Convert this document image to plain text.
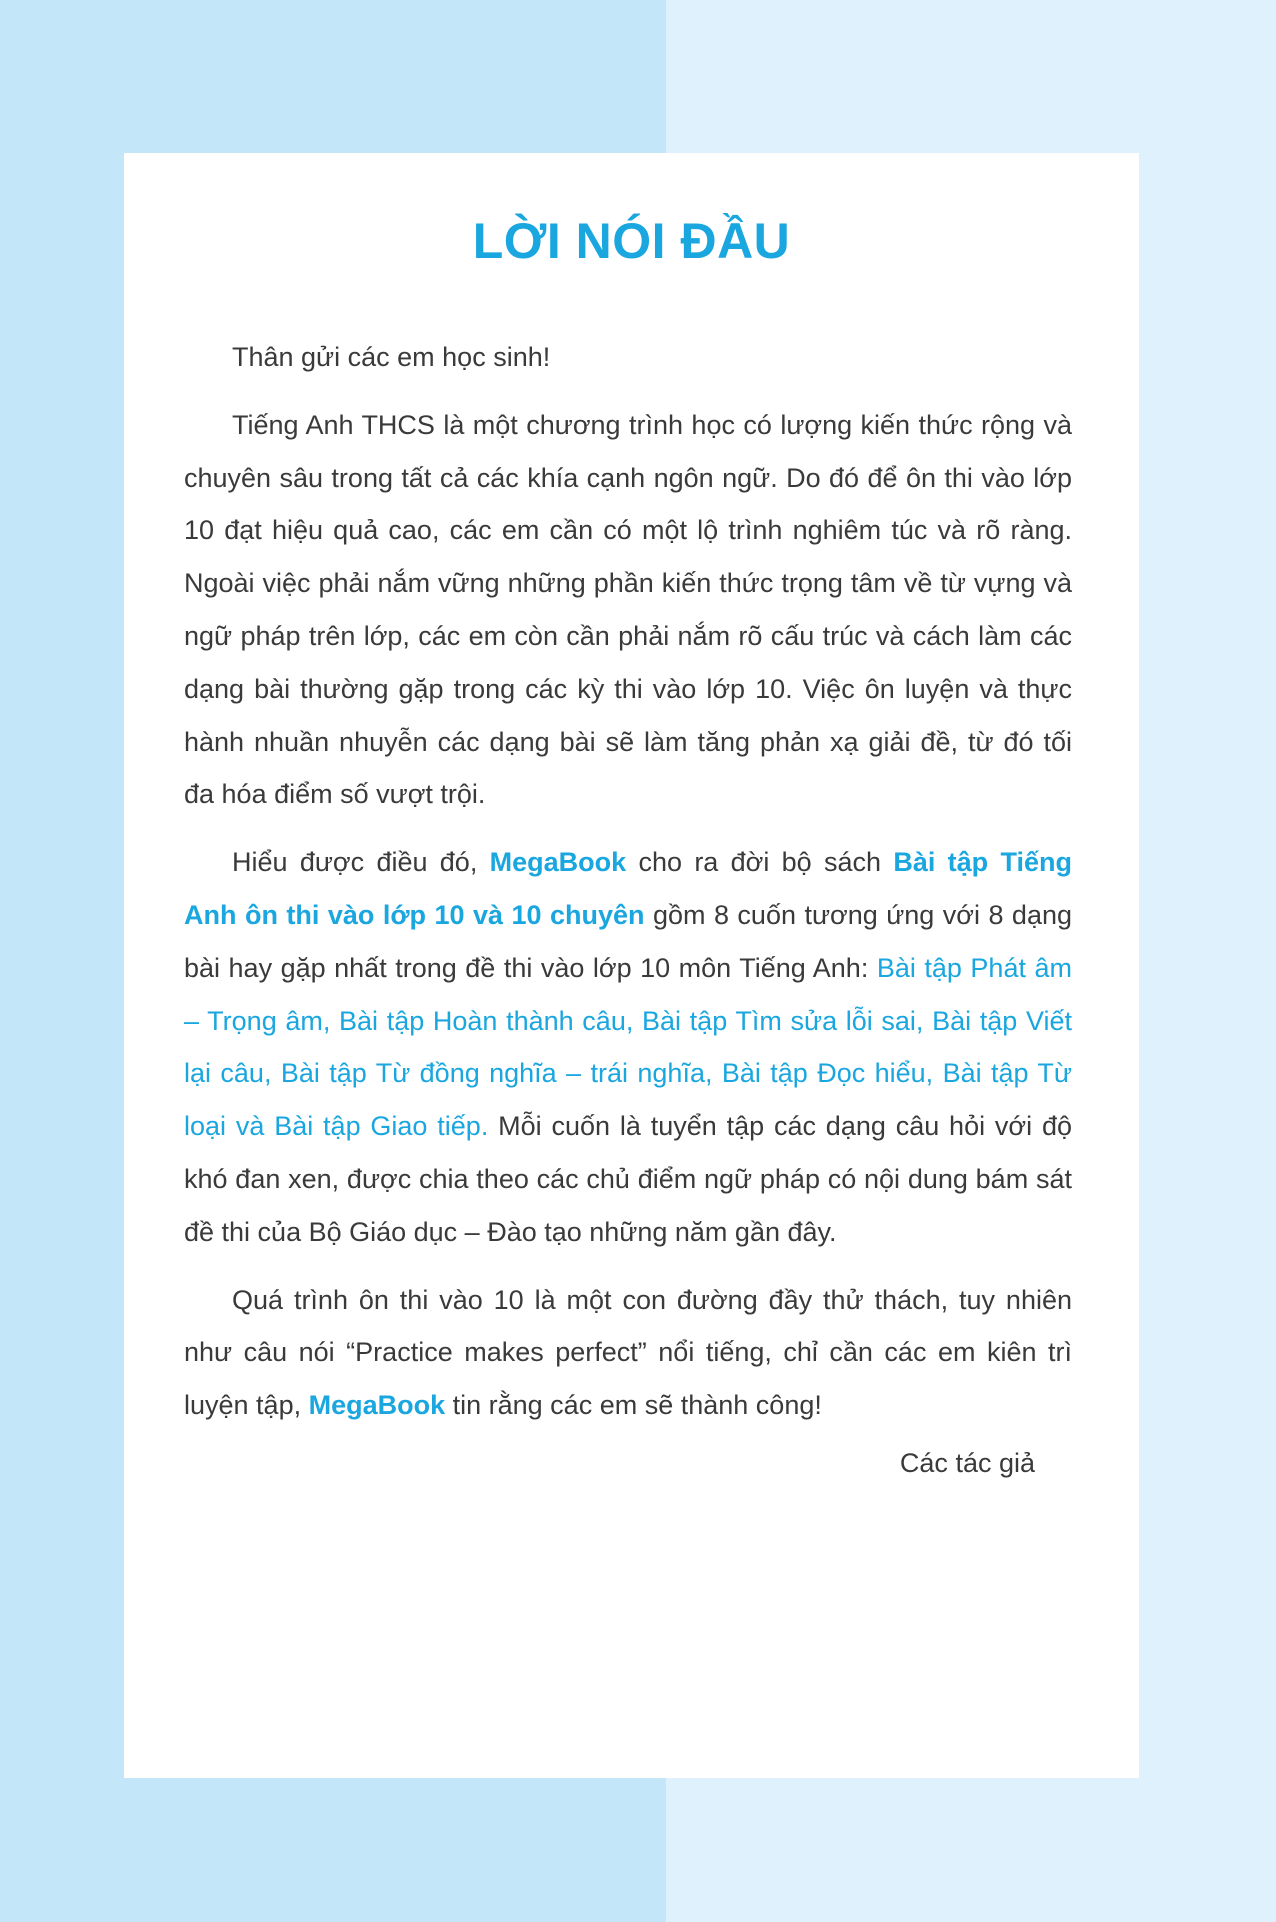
LỜI NÓI ĐẦU

Thân gửi các em học sinh!

Tiếng Anh THCS là một chương trình học có lượng kiến thức rộng và chuyên sâu trong tất cả các khía cạnh ngôn ngữ. Do đó để ôn thi vào lớp 10 đạt hiệu quả cao, các em cần có một lộ trình nghiêm túc và rõ ràng. Ngoài việc phải nắm vững những phần kiến thức trọng tâm về từ vựng và ngữ pháp trên lớp, các em còn cần phải nắm rõ cấu trúc và cách làm các dạng bài thường gặp trong các kỳ thi vào lớp 10. Việc ôn luyện và thực hành nhuần nhuyễn các dạng bài sẽ làm tăng phản xạ giải đề, từ đó tối đa hóa điểm số vượt trội.

Hiểu được điều đó, MegaBook cho ra đời bộ sách Bài tập Tiếng Anh ôn thi vào lớp 10 và 10 chuyên gồm 8 cuốn tương ứng với 8 dạng bài hay gặp nhất trong đề thi vào lớp 10 môn Tiếng Anh: Bài tập Phát âm – Trọng âm, Bài tập Hoàn thành câu, Bài tập Tìm sửa lỗi sai, Bài tập Viết lại câu, Bài tập Từ đồng nghĩa – trái nghĩa, Bài tập Đọc hiểu, Bài tập Từ loại và Bài tập Giao tiếp. Mỗi cuốn là tuyển tập các dạng câu hỏi với độ khó đan xen, được chia theo các chủ điểm ngữ pháp có nội dung bám sát đề thi của Bộ Giáo dục – Đào tạo những năm gần đây.

Quá trình ôn thi vào 10 là một con đường đầy thử thách, tuy nhiên như câu nói “Practice makes perfect” nổi tiếng, chỉ cần các em kiên trì luyện tập, MegaBook tin rằng các em sẽ thành công!

Các tác giả
